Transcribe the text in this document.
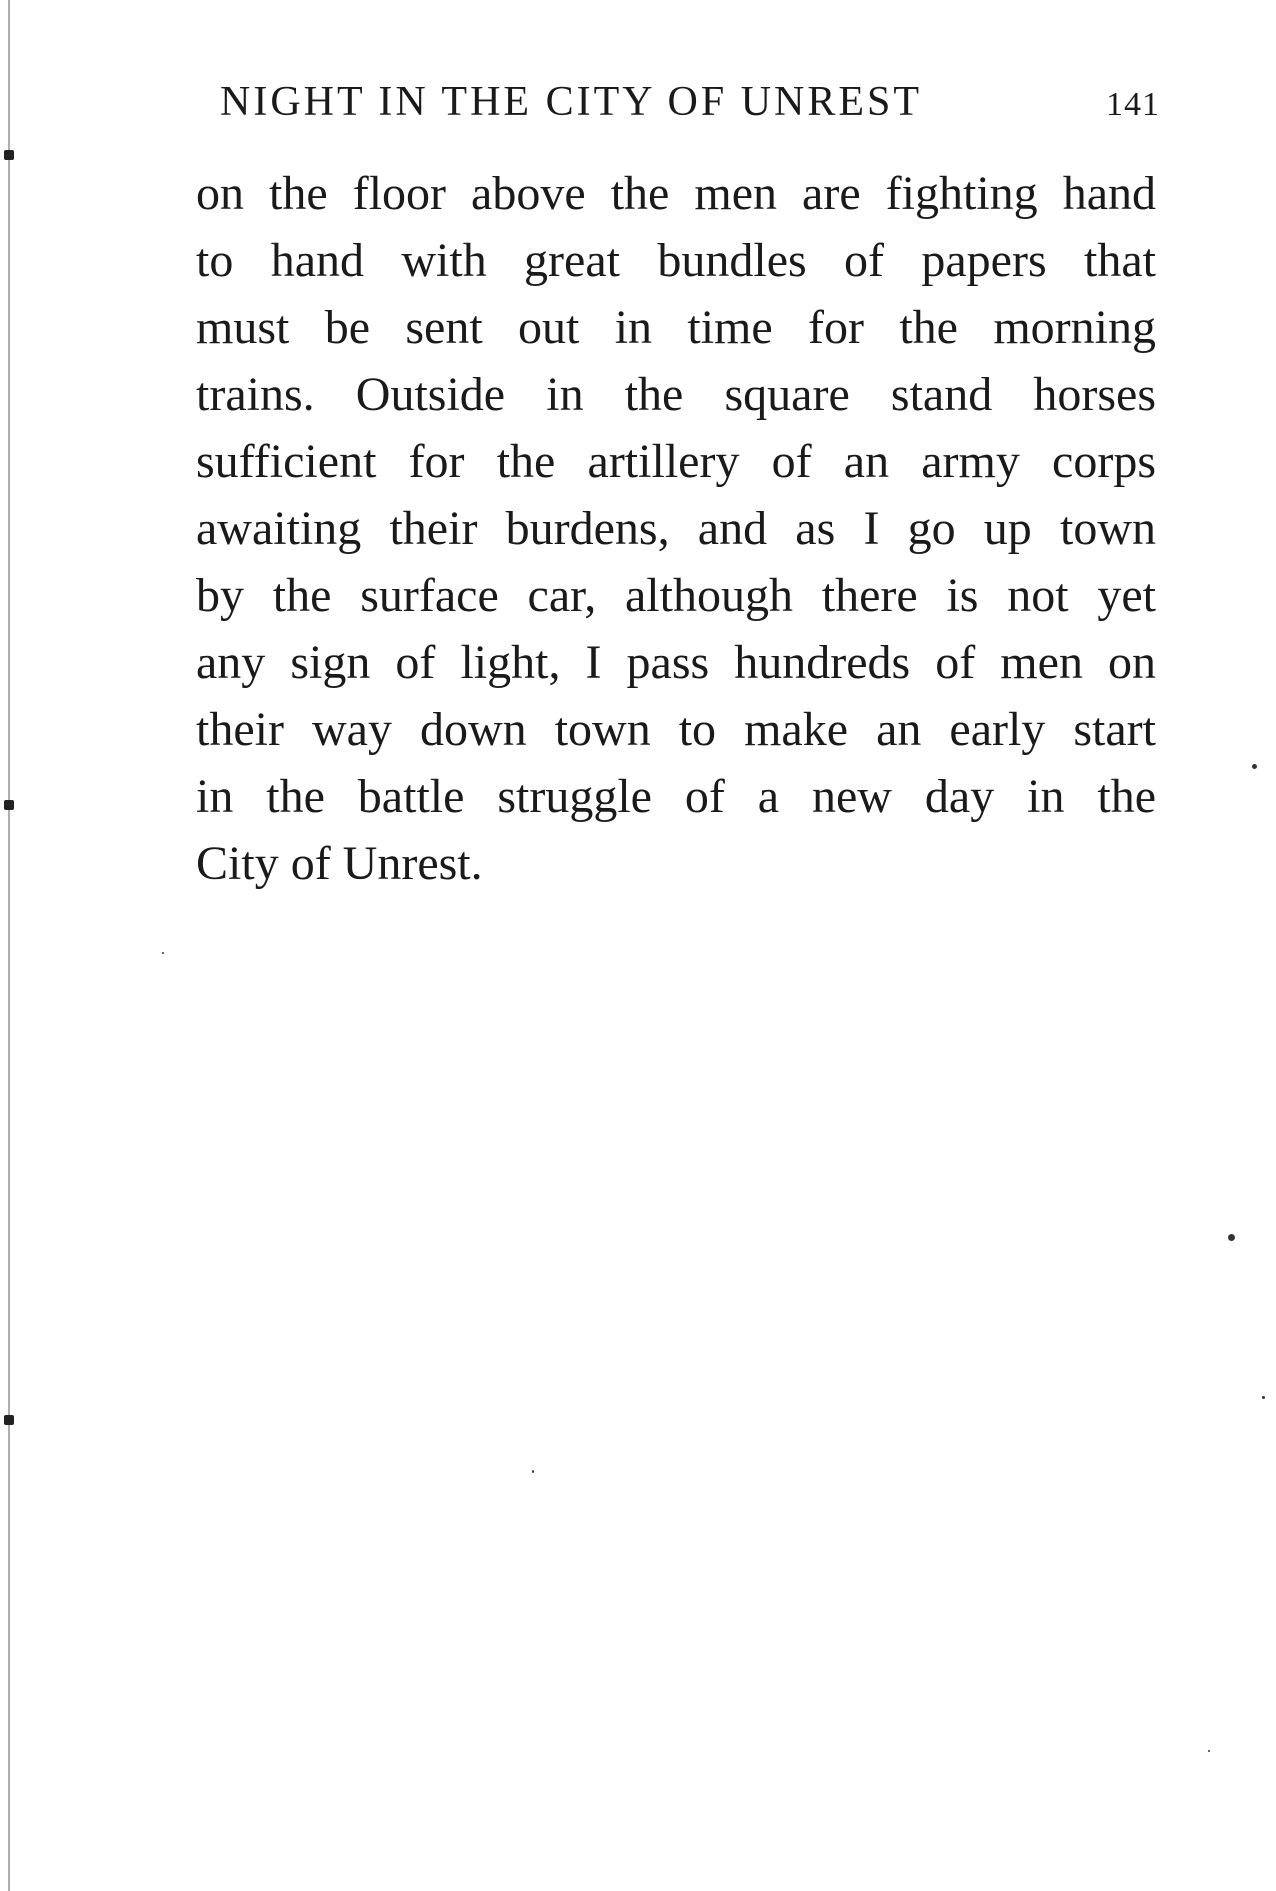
NIGHT IN THE CITY OF UNREST	141
on the floor above the men are fighting hand
to hand with great bundles of papers that
must be sent out in time for the morning
trains. Outside in the square stand horses
sufficient for the artillery of an army corps
awaiting their burdens, and as I go up town
by the surface car, although there is not yet
any sign of light, I pass hundreds of men on
their way down town to make an early start
in the battle struggle of a new day in the
City of Unrest.
